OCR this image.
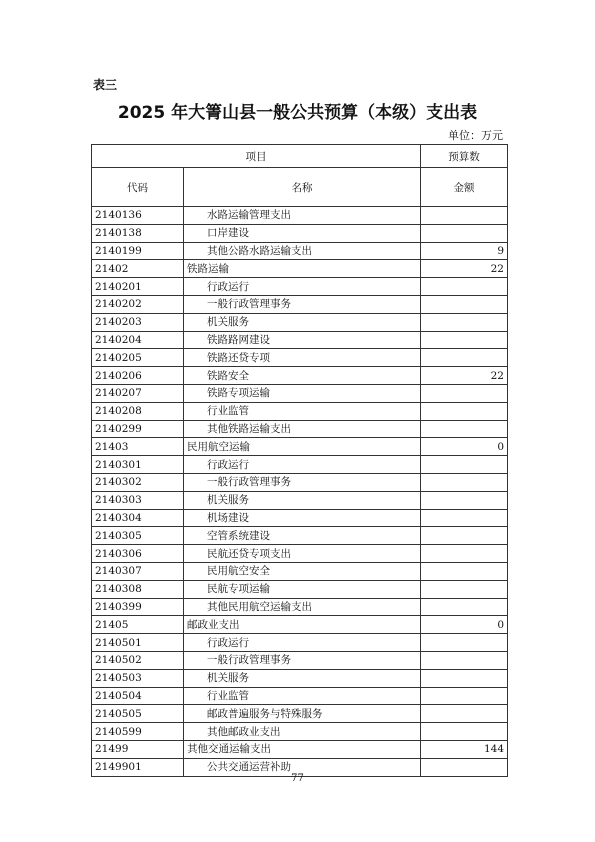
表三
2025 年大箐山县一般公共预算（本级）支出表
单位：万元
项目		预算数
代码	名称	金额
2140136	水路运输管理支出	
2140138	口岸建设	
2140199	其他公路水路运输支出	9
21402	铁路运输	22
2140201	行政运行	
2140202	一般行政管理事务	
2140203	机关服务	
2140204	铁路路网建设	
2140205	铁路还贷专项	
2140206	铁路安全	22
2140207	铁路专项运输	
2140208	行业监管	
2140299	其他铁路运输支出	
21403	民用航空运输	0
2140301	行政运行	
2140302	一般行政管理事务	
2140303	机关服务	
2140304	机场建设	
2140305	空管系统建设	
2140306	民航还贷专项支出	
2140307	民用航空安全	
2140308	民航专项运输	
2140399	其他民用航空运输支出	
21405	邮政业支出	0
2140501	行政运行	
2140502	一般行政管理事务	
2140503	机关服务	
2140504	行业监管	
2140505	邮政普遍服务与特殊服务	
2140599	其他邮政业支出	
21499	其他交通运输支出	144
2149901	公共交通运营补助	
77
